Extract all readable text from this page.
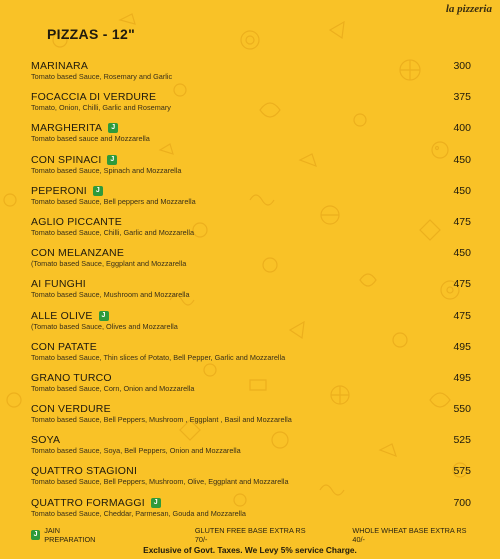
la pizzeria
PIZZAS - 12"
MARINARA
Tomato based Sauce, Rosemary and Garlic
300
FOCACCIA DI VERDURE
Tomato, Onion, Chilli, Garlic and Rosemary
375
MARGHERITA	J
Tomato based sauce and Mozzarella
400
CON SPINACI	J
Tomato based Sauce, Spinach and Mozzarella
450
PEPERONI	J
Tomato based Sauce, Bell peppers and Mozzarella
450
AGLIO PICCANTE
Tomato based Sauce, Chilli, Garlic and Mozzarella
475
CON MELANZANE
(Tomato based Sauce, Eggplant and Mozzarella
450
AI FUNGHI
Tomato based Sauce, Mushroom and Mozzarella
475
ALLE OLIVE	J
(Tomato based Sauce, Olives and Mozzarella
475
CON PATATE
Tomato based Sauce, Thin slices of Potato, Bell Pepper, Garlic and Mozzarella
495
GRANO TURCO
Tomato based Sauce, Corn, Onion and Mozzarella
495
CON VERDURE
Tomato based Sauce, Bell Peppers, Mushroom , Eggplant , Basil and Mozzarella
550
SOYA
Tomato based Sauce, Soya, Bell Peppers, Onion and Mozzarella
525
QUATTRO STAGIONI
Tomato based Sauce, Bell Peppers, Mushroom, Olive, Eggplant and Mozzarella
575
QUATTRO FORMAGGI	J
Tomato based Sauce, Cheddar, Parmesan, Gouda and Mozzarella
700
J JAIN PREPARATION
GLUTEN FREE BASE EXTRA RS 70/-
WHOLE WHEAT BASE EXTRA RS 40/-
Exclusive of Govt. Taxes. We Levy 5% service Charge.
